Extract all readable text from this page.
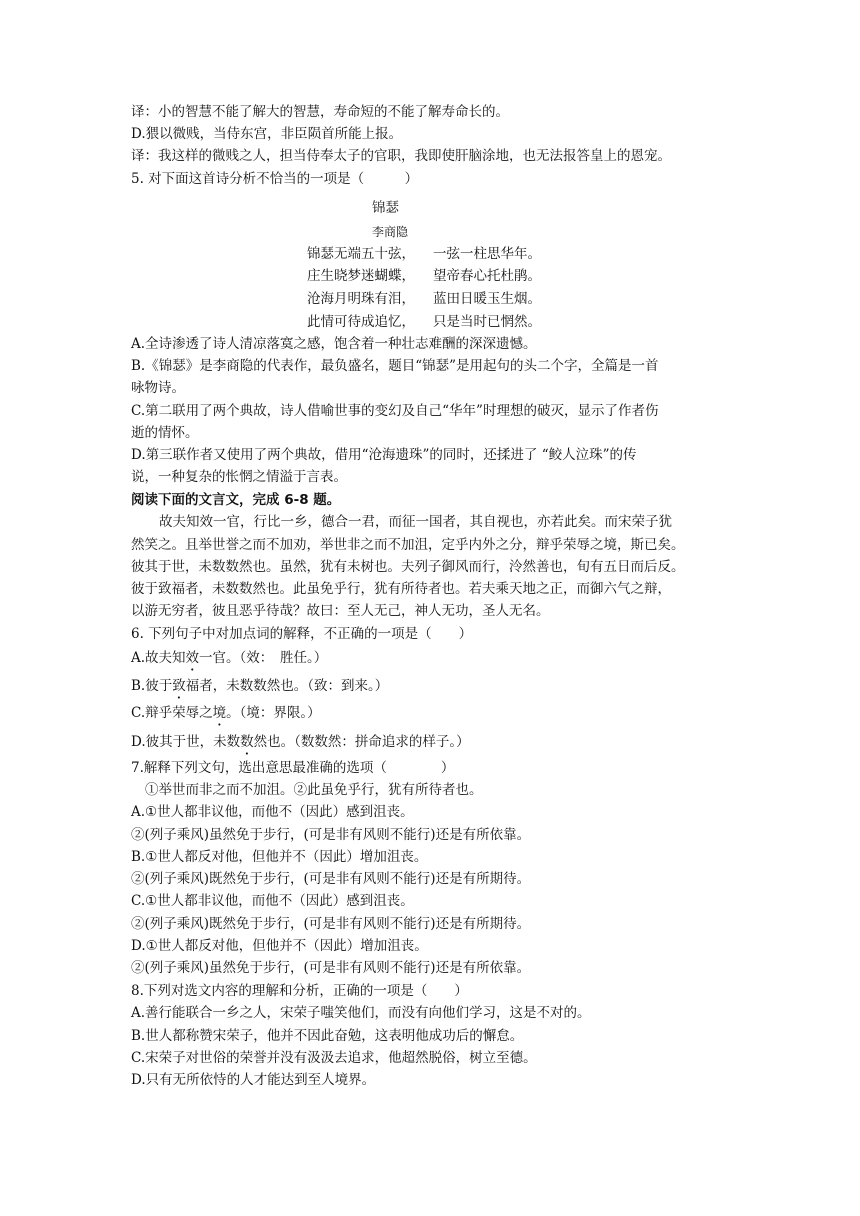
译：小的智慧不能了解大的智慧，寿命短的不能了解寿命长的。
D.猥以微贱，当侍东宫，非臣陨首所能上报。
译：我这样的微贱之人，担当侍奉太子的官职，我即使肝脑涂地，也无法报答皇上的恩宠。
5. 对下面这首诗分析不恰当的一项是（　　　）
锦瑟
李商隐
锦瑟无端五十弦， 一弦一柱思华年。
庄生晓梦迷蝴蝶， 望帝春心托杜鹃。
沧海月明珠有泪， 蓝田日暖玉生烟。
此情可待成追忆， 只是当时已惘然。
A.全诗渗透了诗人清凉落寞之感，饱含着一种壮志难酬的深深遗憾。
B.《锦瑟》是李商隐的代表作，最负盛名，题目“锦瑟”是用起句的头二个字，全篇是一首
咏物诗。
C.第二联用了两个典故，诗人借喻世事的变幻及自己“华年”时理想的破灭，显示了作者伤
逝的情怀。
D.第三联作者又使用了两个典故，借用“沧海遗珠”的同时，还揉进了 “鲛人泣珠”的传
说，一种复杂的怅惘之情溢于言表。
阅读下面的文言文，完成 6-8 题。
故夫知效一官，行比一乡，德合一君，而征一国者，其自视也，亦若此矣。而宋荣子犹
然笑之。且举世誉之而不加劝，举世非之而不加沮，定乎内外之分，辩乎荣辱之境，斯已矣。
彼其于世，未数数然也。虽然，犹有未树也。夫列子御风而行，泠然善也，旬有五日而后反。
彼于致福者，未数数然也。此虽免乎行，犹有所待者也。若夫乘天地之正，而御六气之辩，
以游无穷者，彼且恶乎待哉？故曰：至人无己，神人无功，圣人无名。
6. 下列句子中对加点词的解释，不正确的一项是（　　）
A.故夫知效一官。（效：　胜任。）
B.彼于致福者，未数数然也。（致：到来。）
C.辩乎荣辱之境。（境：界限。）
D.彼其于世，未数数然也。（数数然：拼命追求的样子。）
7.解释下列文句，选出意思最准确的选项（　　　　）
①举世而非之而不加沮。②此虽免乎行，犹有所待者也。
A.①世人都非议他，而他不（因此）感到沮丧。
②(列子乘风)虽然免于步行，(可是非有风则不能行)还是有所依靠。
B.①世人都反对他，但他并不（因此）增加沮丧。
②(列子乘风)既然免于步行，(可是非有风则不能行)还是有所期待。
C.①世人都非议他，而他不（因此）感到沮丧。
②(列子乘风)既然免于步行，(可是非有风则不能行)还是有所期待。
D.①世人都反对他，但他并不（因此）增加沮丧。
②(列子乘风)虽然免于步行，(可是非有风则不能行)还是有所依靠。
8.下列对选文内容的理解和分析，正确的一项是（　　）
A.善行能联合一乡之人，宋荣子嗤笑他们，而没有向他们学习，这是不对的。
B.世人都称赞宋荣子，他并不因此奋勉，这表明他成功后的懈怠。
C.宋荣子对世俗的荣誉并没有汲汲去追求，他超然脱俗，树立至德。
D.只有无所依恃的人才能达到至人境界。
